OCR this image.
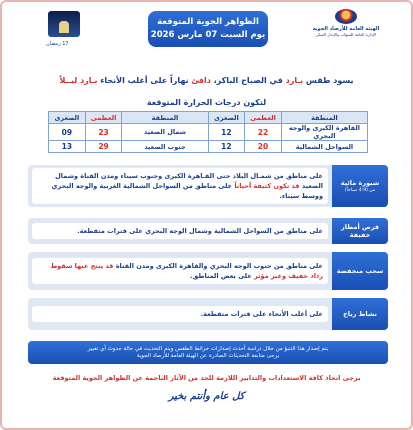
الهيئة العامة للأرصاد الجوية
الإدارة العامة للتنبؤات والإنذار المبكر
الظواهر الجوية المتوقعة
يوم السبت 07 مارس 2026
17 رمضان
يسود طقس بـارد في الصباح الباكر، دافئ نهاراً على أغلب الأنحاء بـارد ليــلاً
لتكون درجات الحرارة المتوقعة
المنطقة	العظمى	الصغرى	المنطقة	العظمى	الصغرى
القاهرة الكبرى والوجه البحري	22	12	شمال الصعيد	23	09
السواحل الشمالية	20	12	جنوب الصعيد	29	13
شبورة مائية
من (4:9 صباحاً)
على مناطق من شمـال البلاد حتى القـاهرة الكبرى وجنوب سيناء ومدن القناة وشمال الصعيد قد تكون كثيفة أحياناً على مناطق من السواحل الشمالية الغربية والوجه البحري ووسط سيناء.
فرص أمطار خفيفة
على مناطق من السواحل الشمالية وشمال الوجه البحري على فترات متقطعة.
سحب منخفضة
على مناطق من جنوب الوجه البحري والقاهرة الكبرى ومدن القناة قد ينتج عنها سقوط رذاذ خفيف وغير مؤثر على بعض المناطق.
نشاط رياح
على أغلب الأنحاء على فترات متقطعة.
يتم إصدار هذا التنبؤ من خلال دراسة أحدث إصدارات خرائط الطقس ويتم التحديث في حالة حدوث أي تغيير
يرجى متابعة التحديثات الصادرة عن الهيئة العامة للأرصاد الجوية
يرجى اتخاذ كافة الاستعدادات والتدابير اللازمة للحد من الآثار الناجمة عن الظواهر الجوية المتوقعة
كل عام وأنتم بخير
